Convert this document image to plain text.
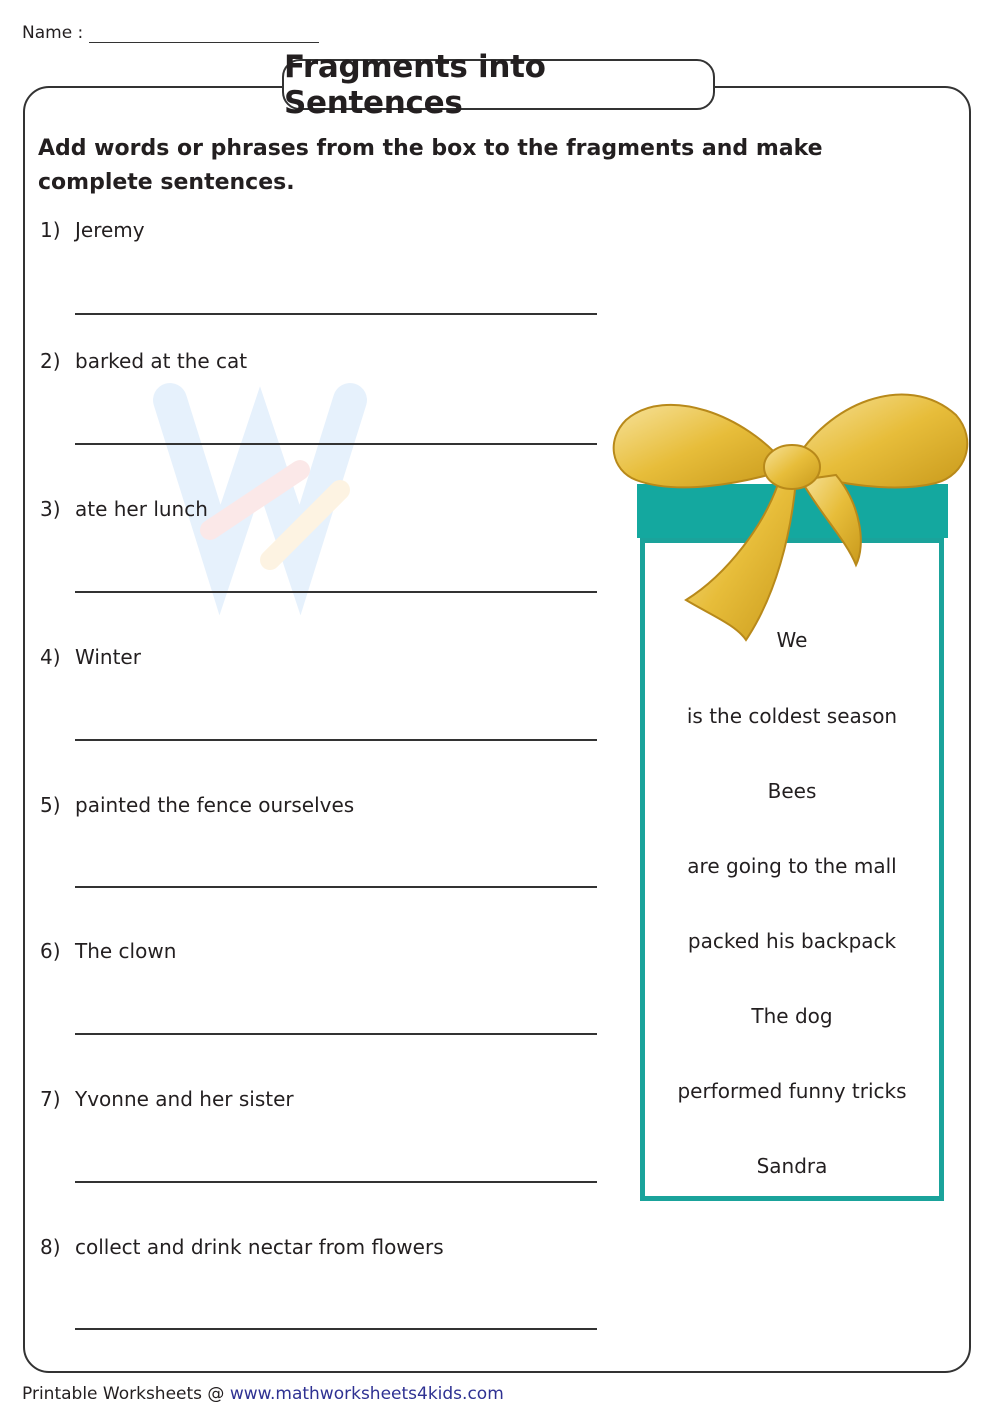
Name :
Fragments into Sentences
Add words or phrases from the box to the fragments and make complete sentences.
1) Jeremy
2) barked at the cat
3) ate her lunch
4) Winter
5) painted the fence ourselves
6) The clown
7) Yvonne and her sister
8) collect and drink nectar from flowers
We
is the coldest season
Bees
are going to the mall
packed his backpack
The dog
performed funny tricks
Sandra
Printable Worksheets @ www.mathworksheets4kids.com
